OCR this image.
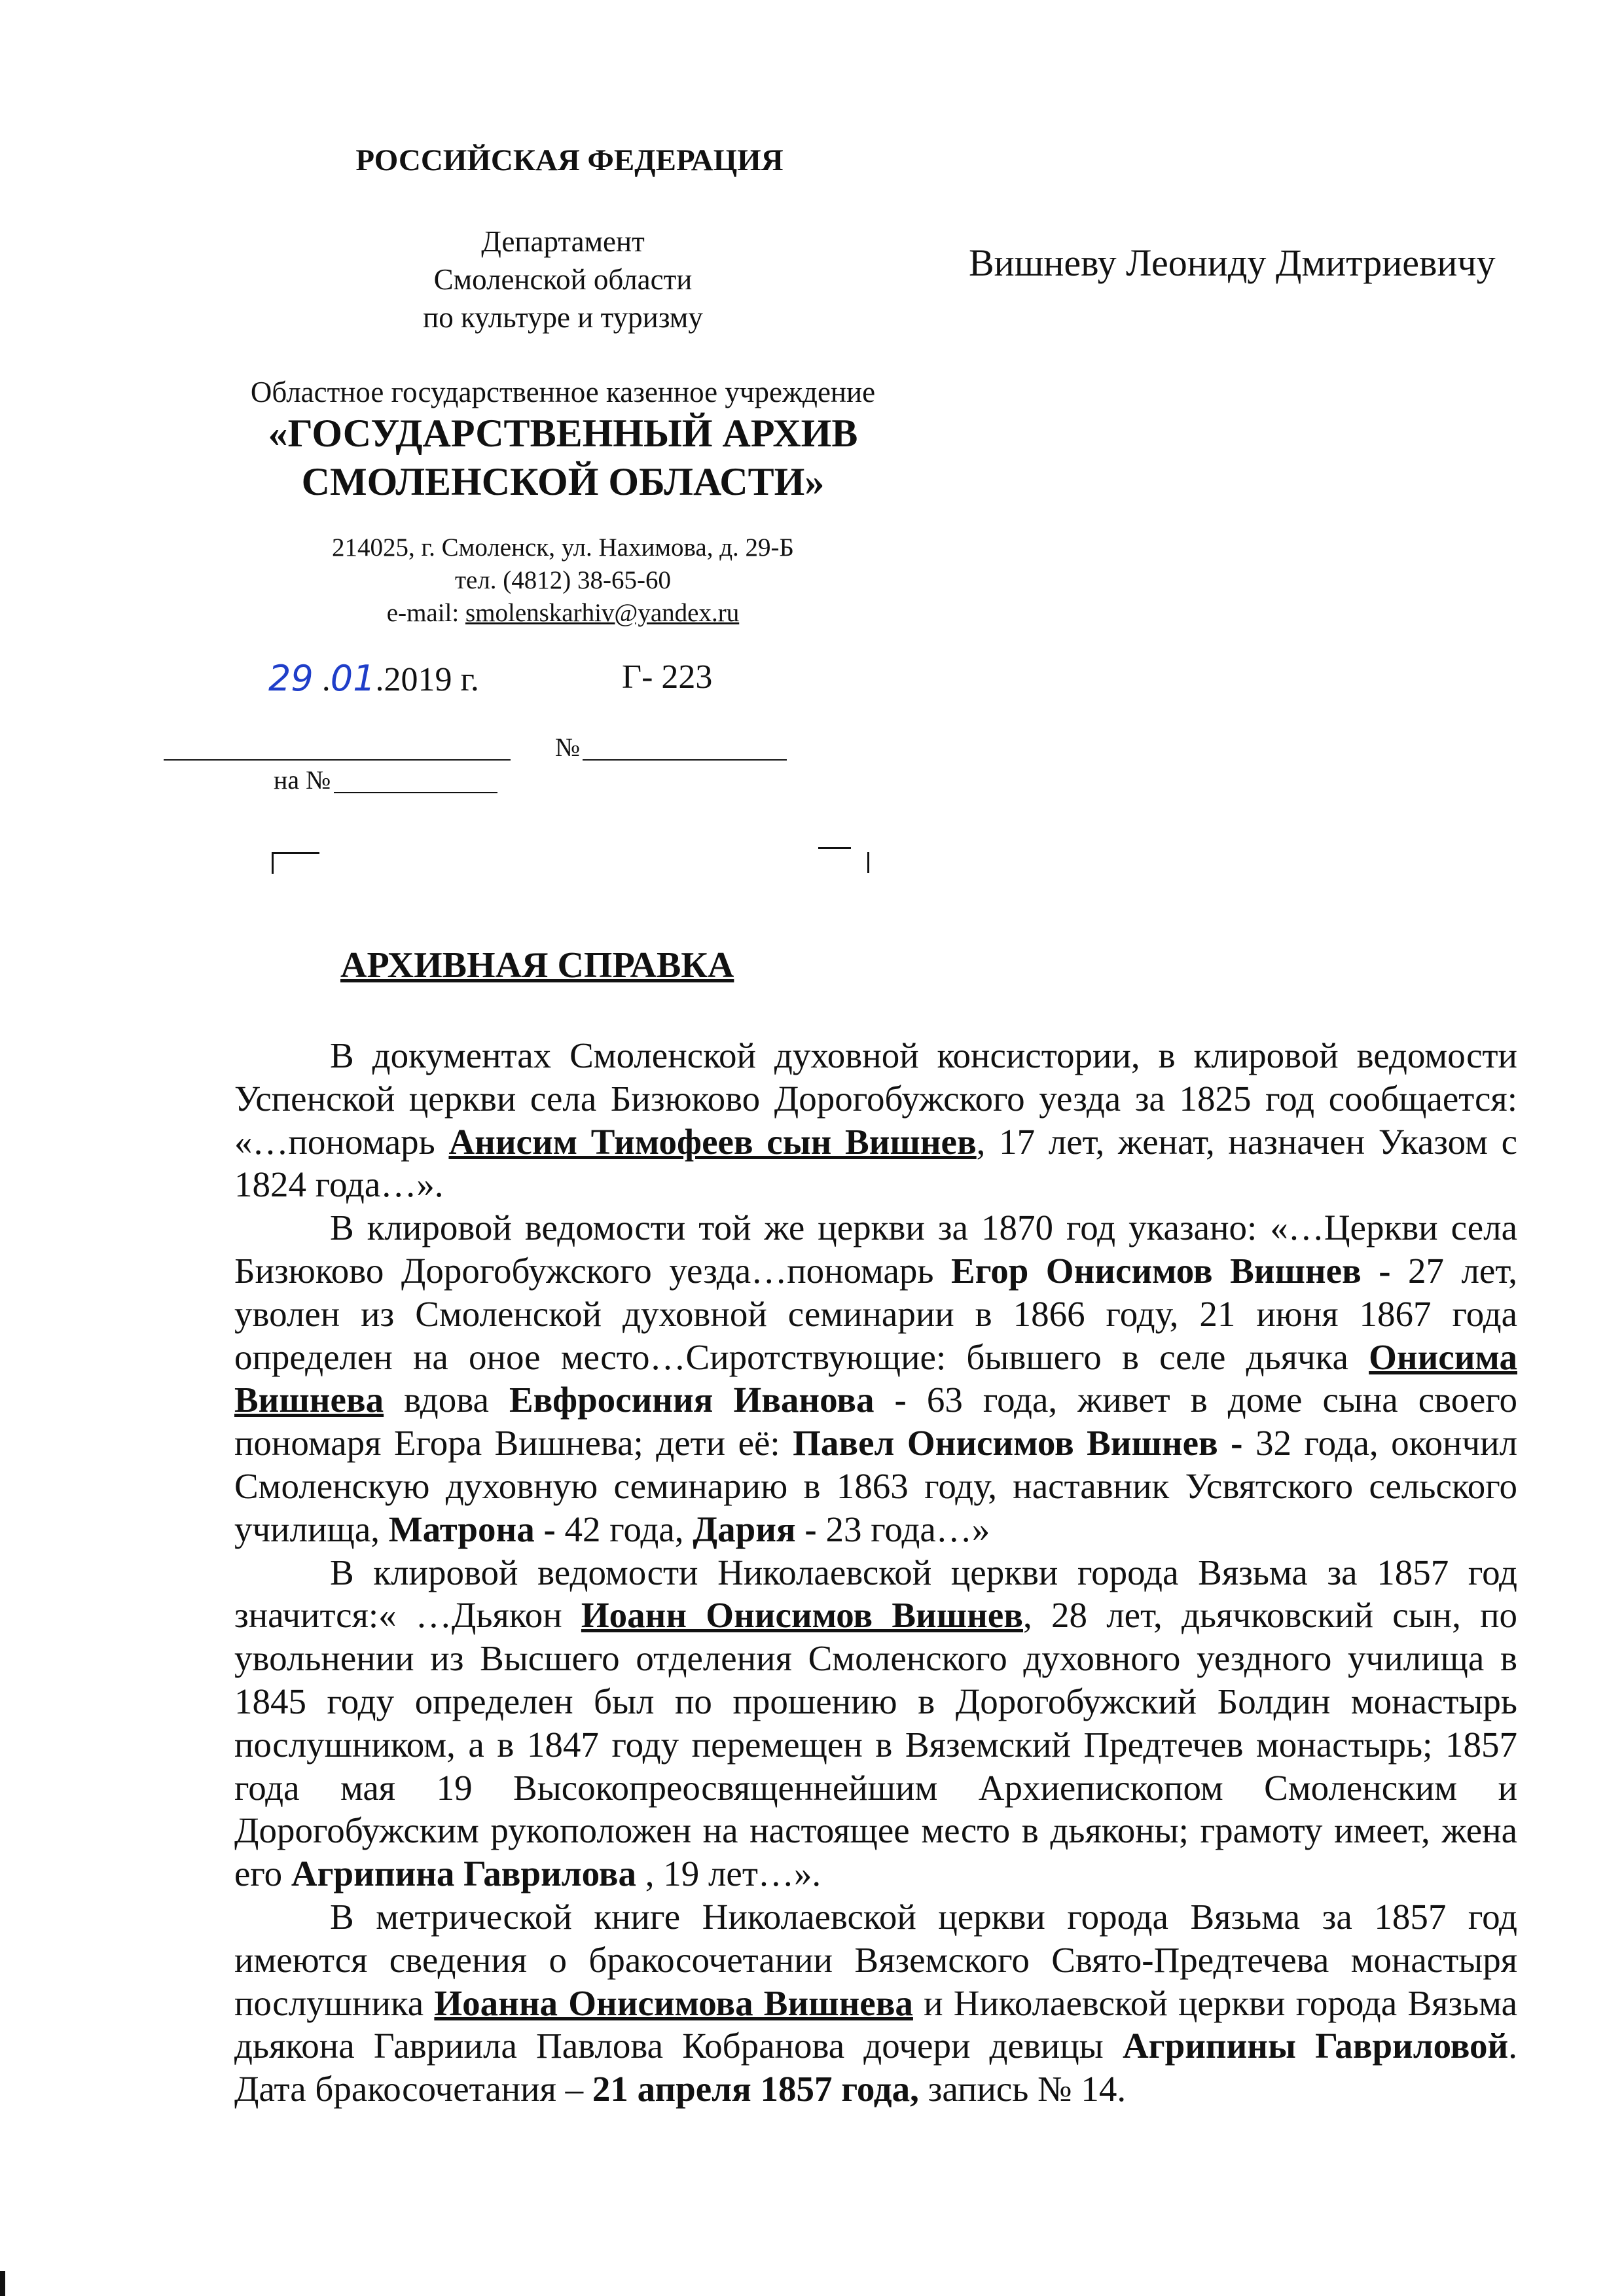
РОССИЙСКАЯ ФЕДЕРАЦИЯ
Департамент
Смоленской области
по культуре и туризму
Областное государственное казенное учреждение
«ГОСУДАРСТВЕННЫЙ АРХИВ
СМОЛЕНСКОЙ ОБЛАСТИ»
214025, г. Смоленск, ул. Нахимова, д. 29-Б
тел. (4812) 38-65-60
e-mail: smolenskarhiv@yandex.ru
Вишневу Леониду Дмитриевичу
29 .01.2019 г.	Г- 223
№
на №
АРХИВНАЯ СПРАВКА

В документах Смоленской духовной консистории, в клировой ведомости Успенской церкви села Бизюково Дорогобужского уезда за 1825 год сообщается: «…пономарь Анисим Тимофеев сын Вишнев, 17 лет, женат, назначен Указом с 1824 года…».

В клировой ведомости той же церкви за 1870 год указано: «…Церкви села Бизюково Дорогобужского уезда…пономарь Егор Онисимов Вишнев - 27 лет, уволен из Смоленской духовной семинарии в 1866 году, 21 июня 1867 года определен на оное место…Сиротствующие: бывшего в селе дьячка Онисима Вишнева вдова Евфросиния Иванова - 63 года, живет в доме сына своего пономаря Егора Вишнева; дети её: Павел Онисимов Вишнев - 32 года, окончил Смоленскую духовную семинарию в 1863 году, наставник Усвятского сельского училища, Матрона - 42 года, Дария - 23 года…»

В клировой ведомости Николаевской церкви города Вязьма за 1857 год значится:« …Дьякон Иоанн Онисимов Вишнев, 28 лет, дьячковский сын, по увольнении из Высшего отделения Смоленского духовного уездного училища в 1845 году определен был по прошению в Дорогобужский Болдин монастырь послушником, а в 1847 году перемещен в Вяземский Предтечев монастырь; 1857 года мая 19 Высокопреосвященнейшим Архиепископом Смоленским и Дорогобужским рукоположен на настоящее место в дьяконы; грамоту имеет, жена его Агрипина Гаврилова , 19 лет…».

В метрической книге Николаевской церкви города Вязьма за 1857 год имеются сведения о бракосочетании Вяземского Свято-Предтечева монастыря послушника Иоанна Онисимова Вишнева и Николаевской церкви города Вязьма дьякона Гавриила Павлова Кобранова дочери девицы Агрипины Гавриловой. Дата бракосочетания – 21 апреля 1857 года, запись № 14.
